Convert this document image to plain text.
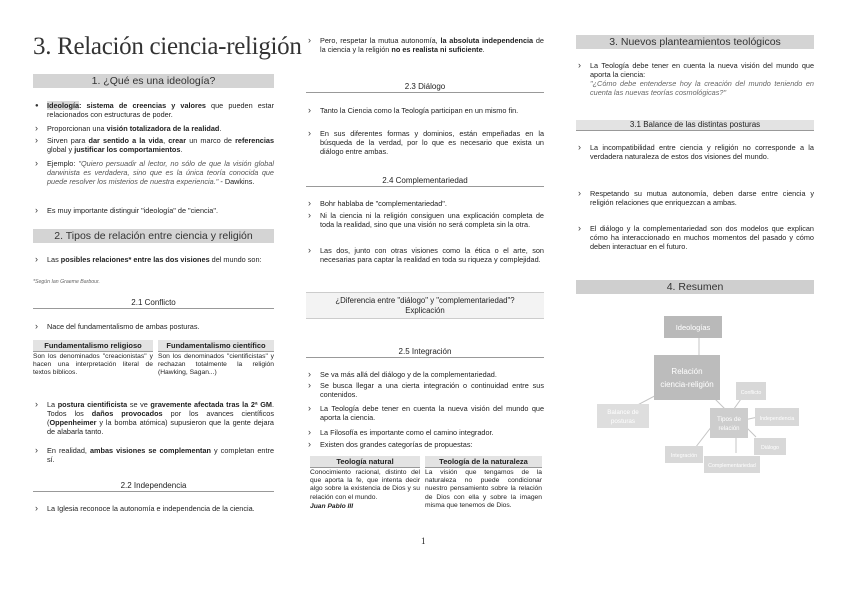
3. Relación ciencia-religión
1. ¿Qué es una ideología?
● Ideología: sistema de creencias y valores que pueden estar relacionados con estructuras de poder.
› Proporcionan una visión totalizadora de la realidad.
› Sirven para dar sentido a la vida, crear un marco de referencias global y justificar los comportamientos.
› Ejemplo: "Quiero persuadir al lector, no sólo de que la visión global darwinista es verdadera, sino que es la única teoría conocida que puede resolver los misterios de nuestra experiencia." - Dawkins.
› Es muy importante distinguir "ideología" de "ciencia".
2. Tipos de relación entre ciencia y religión
› Las posibles relaciones* entre las dos visiones del mundo son:
*Según Ian Graeme Barbour.
2.1 Conflicto
› Nace del fundamentalismo de ambas posturas.
Fundamentalismo religioso
Son los denominados "creacionistas" y hacen una interpretación literal de textos bíblicos.
Fundamentalismo científico
Son los denominados "cientificistas" y rechazan totalmente la religión (Hawking, Sagan...)
› La postura cientificista se ve gravemente afectada tras la 2ª GM. Todos los daños provocados por los avances científicos (Oppenheimer y la bomba atómica) supusieron que la gente dejara de alabarla tanto.
› En realidad, ambas visiones se complementan y completan entre sí.
2.2 Independencia
› La Iglesia reconoce la autonomía e independencia de la ciencia.
› Pero, respetar la mutua autonomía, la absoluta independencia de la ciencia y la religión no es realista ni suficiente.
2.3 Diálogo
› Tanto la Ciencia como la Teología participan en un mismo fin.
› En sus diferentes formas y dominios, están empeñadas en la búsqueda de la verdad, por lo que es necesario que exista un diálogo entre ambas.
2.4 Complementariedad
› Bohr hablaba de "complementariedad".
› Ni la ciencia ni la religión consiguen una explicación completa de toda la realidad, sino que una visión no será completa sin la otra.
› Las dos, junto con otras visiones como la ética o el arte, son necesarias para captar la realidad en toda su riqueza y complejidad.
¿Diferencia entre "diálogo" y "complementariedad"?
Explicación
2.5 Integración
› Se va más allá del diálogo y de la complementariedad.
› Se busca llegar a una cierta integración o continuidad entre sus contenidos.
› La Teología debe tener en cuenta la nueva visión del mundo que aporta la ciencia.
› La Filosofía es importante como el camino integrador.
› Existen dos grandes categorías de propuestas:
Teología natural
Conocimiento racional, distinto del que aporta la fe, que intenta decir algo sobre la existencia de Dios y su relación con el mundo.
Juan Pablo III
Teología de la naturaleza
La visión que tengamos de la naturaleza no puede condicionar nuestro pensamiento sobre la relación de Dios con ella y sobre la imagen misma que tenemos de Dios.
3. Nuevos planteamientos teológicos
› La Teología debe tener en cuenta la nueva visión del mundo que aporta la ciencia:
"¿Cómo debe entenderse hoy la creación del mundo teniendo en cuenta las nuevas teorías cosmológicas?"
3.1 Balance de las distintas posturas
› La incompatibilidad entre ciencia y religión no corresponde a la verdadera naturaleza de estos dos visiones del mundo.
› Respetando su mutua autonomía, deben darse entre ciencia y religión relaciones que enriquezcan a ambas.
› El diálogo y la complementariedad son dos modelos que explican cómo ha interaccionado en muchos momentos del pasado y cómo deben interactuar en el futuro.
4. Resumen
Ideologías
Relación
ciencia-religión
Balance de
posturas	Tipos de
relación
Conflicto
Independencia
Diálogo
Complementariedad
Integración
1
